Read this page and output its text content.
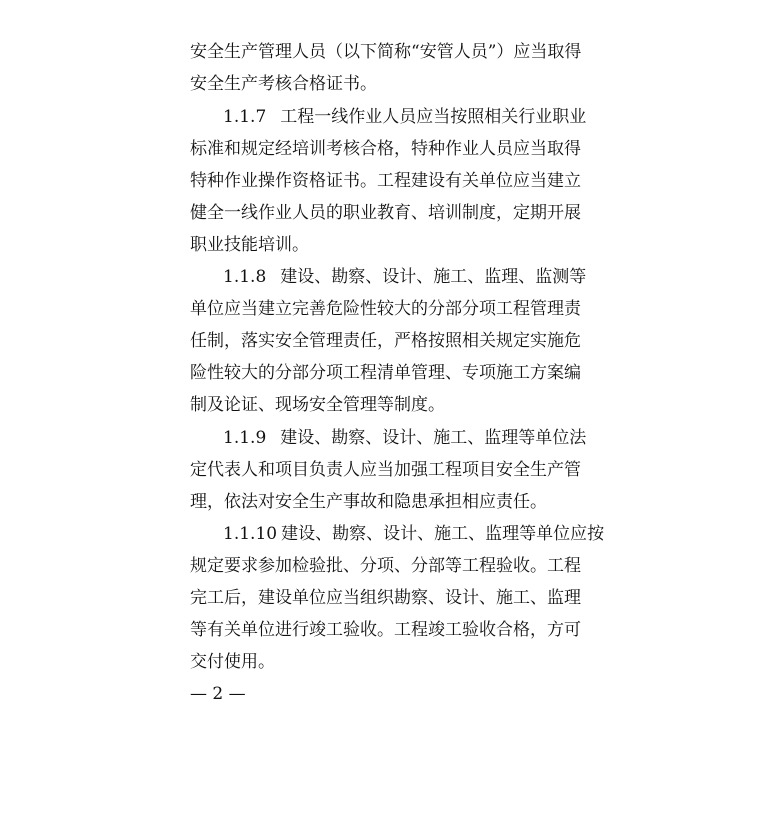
安全生产管理人员（以下简称“安管人员”）应当取得
安全生产考核合格证书。
1.1.7 工程一线作业人员应当按照相关行业职业
标准和规定经培训考核合格，特种作业人员应当取得
特种作业操作资格证书。工程建设有关单位应当建立
健全一线作业人员的职业教育、培训制度，定期开展
职业技能培训。
1.1.8 建设、勘察、设计、施工、监理、监测等
单位应当建立完善危险性较大的分部分项工程管理责
任制，落实安全管理责任，严格按照相关规定实施危
险性较大的分部分项工程清单管理、专项施工方案编
制及论证、现场安全管理等制度。
1.1.9 建设、勘察、设计、施工、监理等单位法
定代表人和项目负责人应当加强工程项目安全生产管
理，依法对安全生产事故和隐患承担相应责任。
1.1.10 建设、勘察、设计、施工、监理等单位应按
规定要求参加检验批、分项、分部等工程验收。工程
完工后，建设单位应当组织勘察、设计、施工、监理
等有关单位进行竣工验收。工程竣工验收合格，方可
交付使用。
— 2 —
